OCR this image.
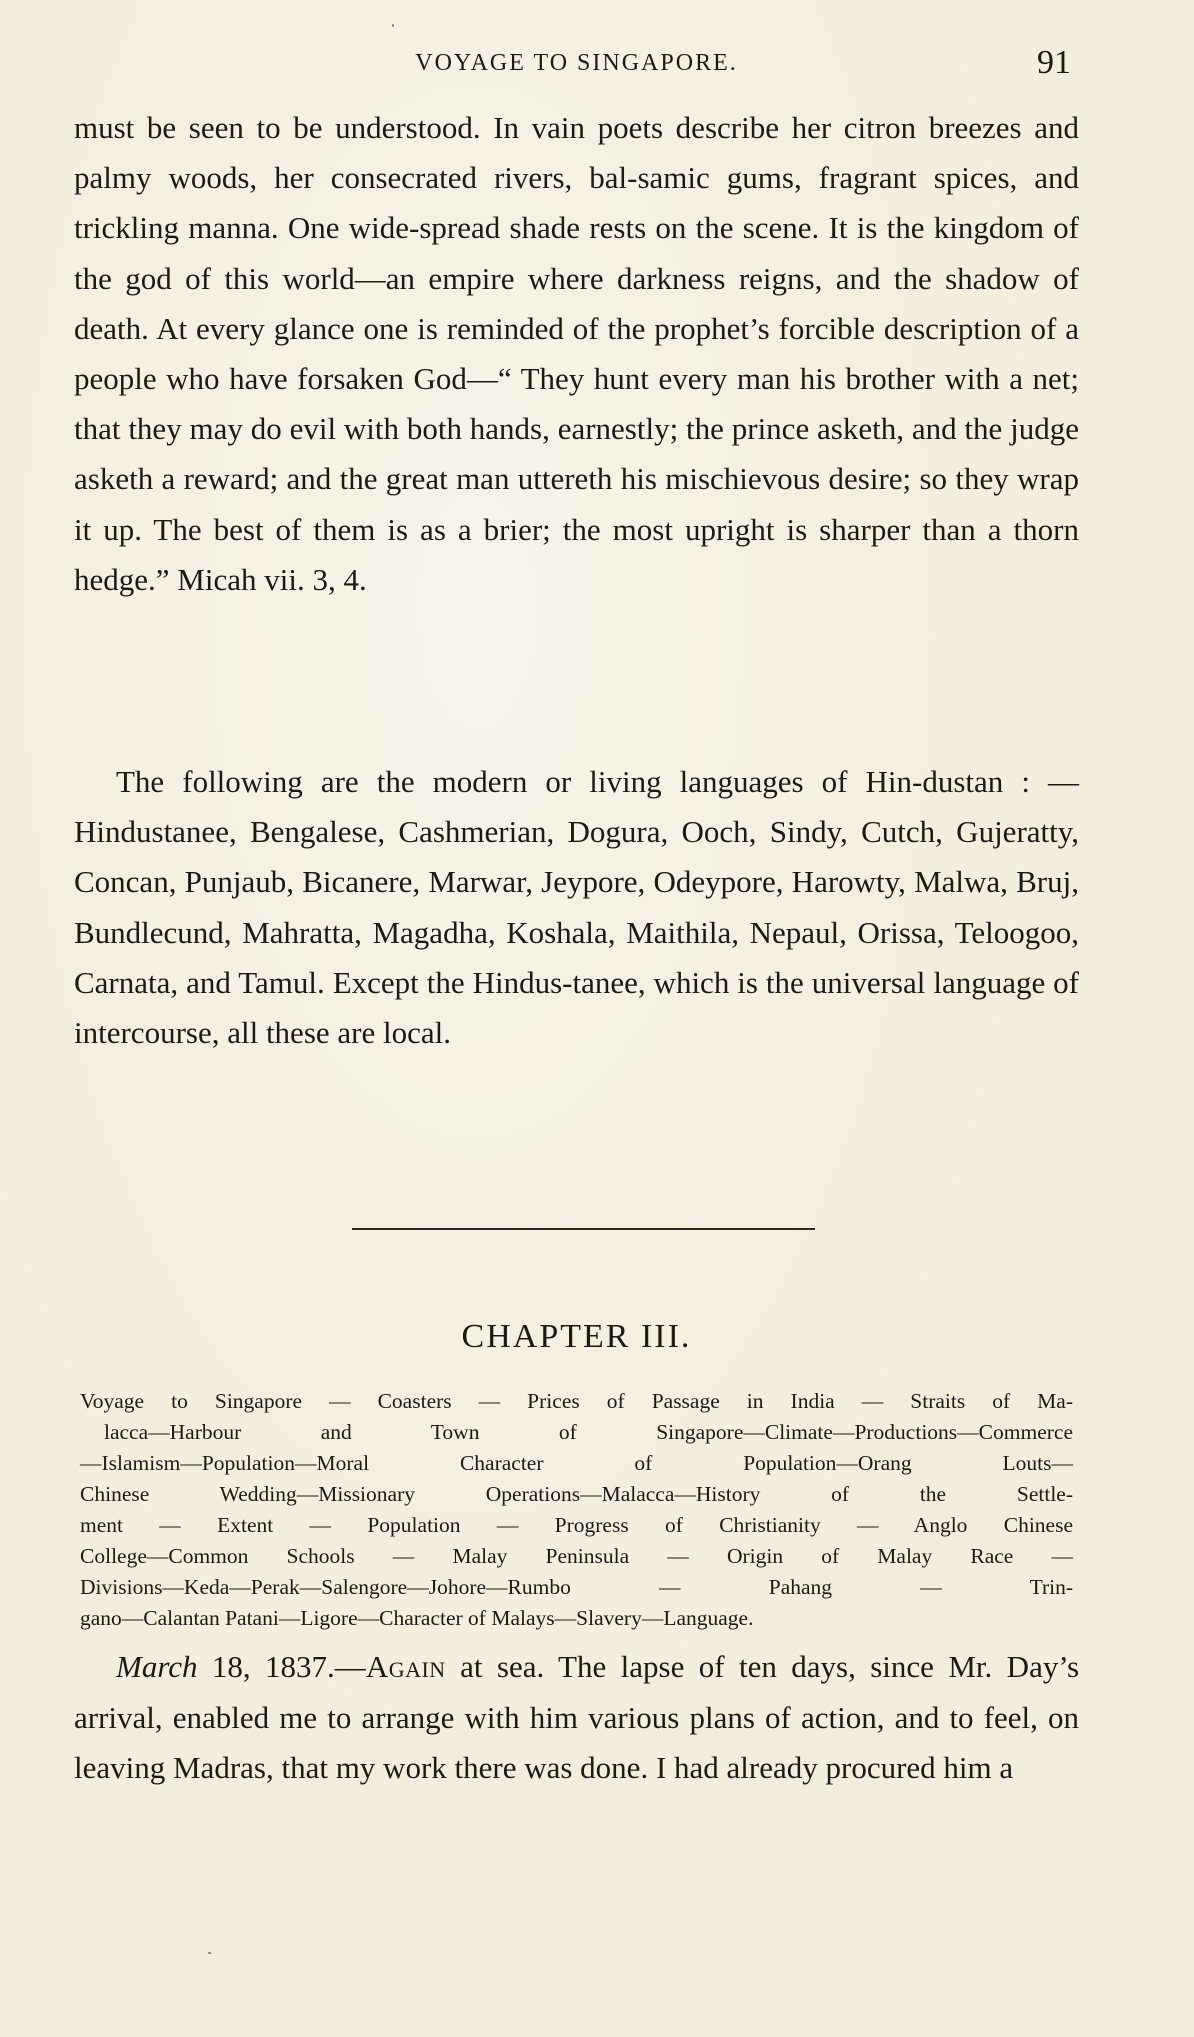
VOYAGE TO SINGAPORE.	91

must be seen to be understood. In vain poets describe her citron breezes and palmy woods, her consecrated rivers, bal-samic gums, fragrant spices, and trickling manna. One wide-spread shade rests on the scene. It is the kingdom of the god of this world—an empire where darkness reigns, and the shadow of death. At every glance one is reminded of the prophet’s forcible description of a people who have forsaken God—“ They hunt every man his brother with a net; that they may do evil with both hands, earnestly; the prince asketh, and the judge asketh a reward; and the great man uttereth his mischievous desire; so they wrap it up. The best of them is as a brier; the most upright is sharper than a thorn hedge.” Micah vii. 3, 4.

The following are the modern or living languages of Hin-dustan : — Hindustanee, Bengalese, Cashmerian, Dogura, Ooch, Sindy, Cutch, Gujeratty, Concan, Punjaub, Bicanere, Marwar, Jeypore, Odeypore, Harowty, Malwa, Bruj, Bundlecund, Mahratta, Magadha, Koshala, Maithila, Nepaul, Orissa, Teloogoo, Carnata, and Tamul. Except the Hindus-tanee, which is the universal language of intercourse, all these are local.

CHAPTER III.
Voyage to Singapore — Coasters — Prices of Passage in India — Straits of Ma-
lacca—Harbour and Town of Singapore—Climate—Productions—Commerce
—Islamism—Population—Moral Character of Population—Orang Louts—
Chinese Wedding—Missionary Operations—Malacca—History of the Settle-
ment — Extent — Population — Progress of Christianity — Anglo Chinese
College—Common Schools — Malay Peninsula — Origin of Malay Race —
Divisions—Keda—Perak—Salengore—Johore—Rumbo — Pahang — Trin-
gano—Calantan Patani—Ligore—Character of Malays—Slavery—Language.

March 18, 1837.—Again at sea. The lapse of ten days, since Mr. Day’s arrival, enabled me to arrange with him various plans of action, and to feel, on leaving Madras, that my work there was done. I had already procured him a
